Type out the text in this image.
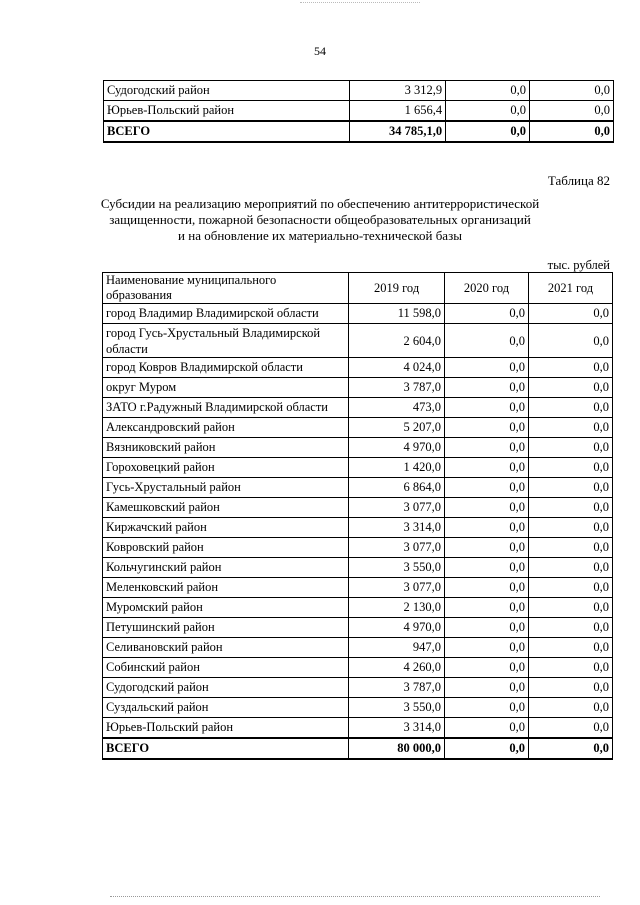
54
Судогодский район	3 312,9	0,0	0,0
Юрьев-Польский район	1 656,4	0,0	0,0
ВСЕГО	34 785,1,0	0,0	0,0
Таблица 82
Субсидии на реализацию мероприятий по обеспечению антитеррористической
защищенности, пожарной безопасности общеобразовательных организаций
и на обновление их материально-технической базы
тыс. рублей
Наименование муниципального образования	2019 год	2020 год	2021 год
город Владимир Владимирской области	11 598,0	0,0	0,0
город Гусь-Хрустальный Владимирской области	2 604,0	0,0	0,0
город Ковров Владимирской области	4 024,0	0,0	0,0
округ Муром	3 787,0	0,0	0,0
ЗАТО г.Радужный Владимирской области	473,0	0,0	0,0
Александровский район	5 207,0	0,0	0,0
Вязниковский район	4 970,0	0,0	0,0
Гороховецкий район	1 420,0	0,0	0,0
Гусь-Хрустальный район	6 864,0	0,0	0,0
Камешковский район	3 077,0	0,0	0,0
Киржачский район	3 314,0	0,0	0,0
Ковровский район	3 077,0	0,0	0,0
Кольчугинский район	3 550,0	0,0	0,0
Меленковский район	3 077,0	0,0	0,0
Муромский район	2 130,0	0,0	0,0
Петушинский район	4 970,0	0,0	0,0
Селивановский район	947,0	0,0	0,0
Собинский район	4 260,0	0,0	0,0
Судогодский район	3 787,0	0,0	0,0
Суздальский район	3 550,0	0,0	0,0
Юрьев-Польский район	3 314,0	0,0	0,0
ВСЕГО	80 000,0	0,0	0,0
